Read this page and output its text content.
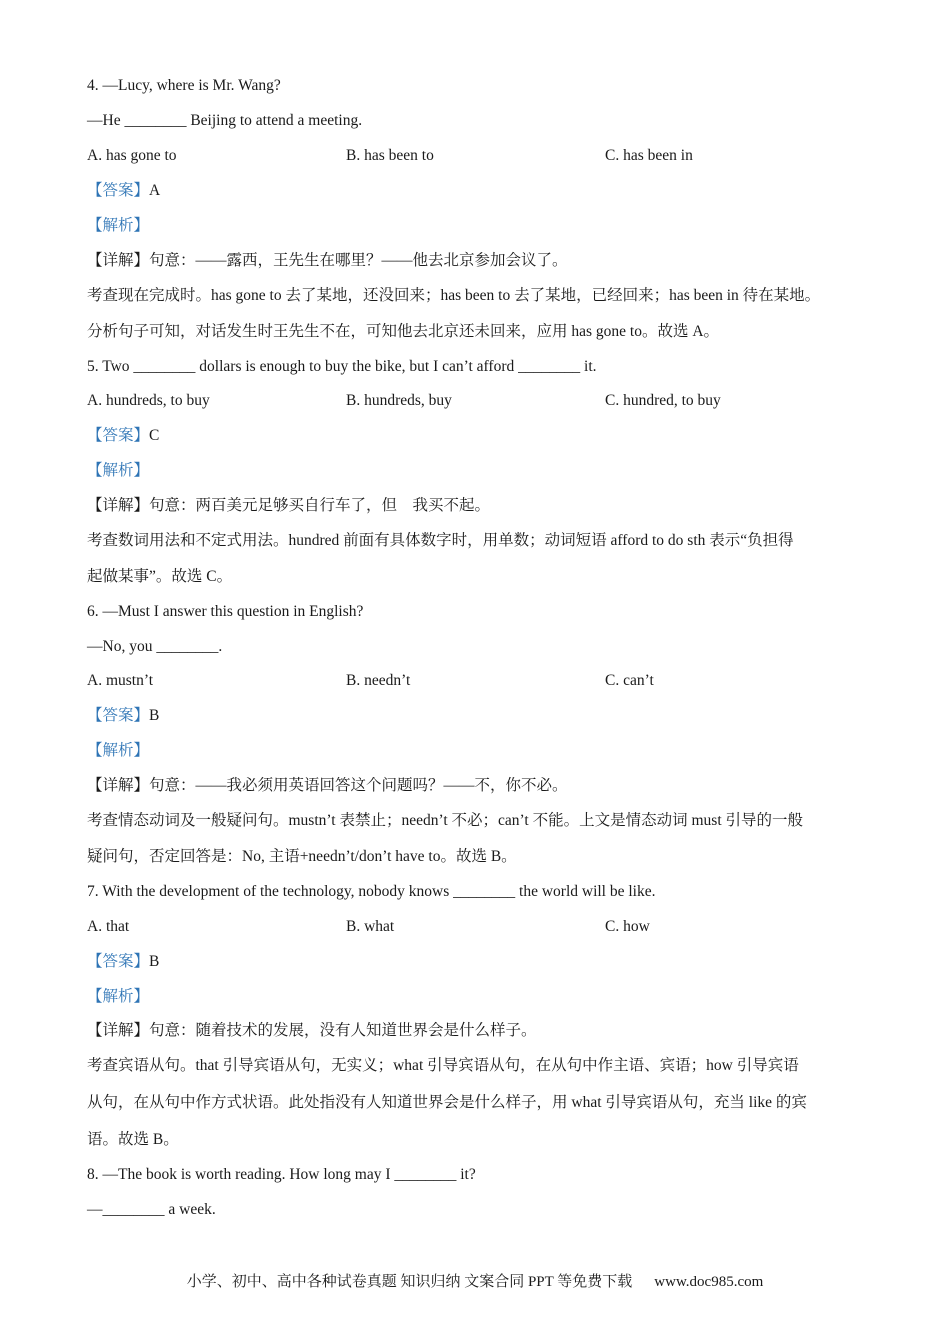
4. —Lucy, where is Mr. Wang?
—He ________ Beijing to attend a meeting.
A. has gone to	B. has been to	C. has been in
【答案】A
【解析】
【详解】句意：——露西，王先生在哪里？——他去北京参加会议了。
考查现在完成时。has gone to 去了某地，还没回来；has been to 去了某地，已经回来；has been in 待在某地。
分析句子可知，对话发生时王先生不在，可知他去北京还未回来，应用 has gone to。故选 A。
5. Two ________ dollars is enough to buy the bike, but I can’t afford ________ it.
A. hundreds, to buy	B. hundreds, buy	C. hundred, to buy
【答案】C
【解析】
【详解】句意：两百美元足够买自行车了，但　我买不起。
考查数词用法和不定式用法。hundred 前面有具体数字时，用单数；动词短语 afford to do sth 表示“负担得
起做某事”。故选 C。
6. —Must I answer this question in English?
—No, you ________.
A. mustn’t	B. needn’t	C. can’t
【答案】B
【解析】
【详解】句意：——我必须用英语回答这个问题吗？——不，你不必。
考查情态动词及一般疑问句。mustn’t 表禁止；needn’t 不必；can’t 不能。上文是情态动词 must 引导的一般
疑问句，否定回答是：No, 主语+needn’t/don’t have to。故选 B。
7. With the development of the technology, nobody knows ________ the world will be like.
A. that	B. what	C. how
【答案】B
【解析】
【详解】句意：随着技术的发展，没有人知道世界会是什么样子。
考查宾语从句。that 引导宾语从句，无实义；what 引导宾语从句，在从句中作主语、宾语；how 引导宾语
从句，在从句中作方式状语。此处指没有人知道世界会是什么样子，用 what 引导宾语从句，充当 like 的宾
语。故选 B。
8. —The book is worth reading. How long may I ________ it?
—________ a week.
小学、初中、高中各种试卷真题 知识归纳 文案合同 PPT 等免费下载 www.doc985.com
